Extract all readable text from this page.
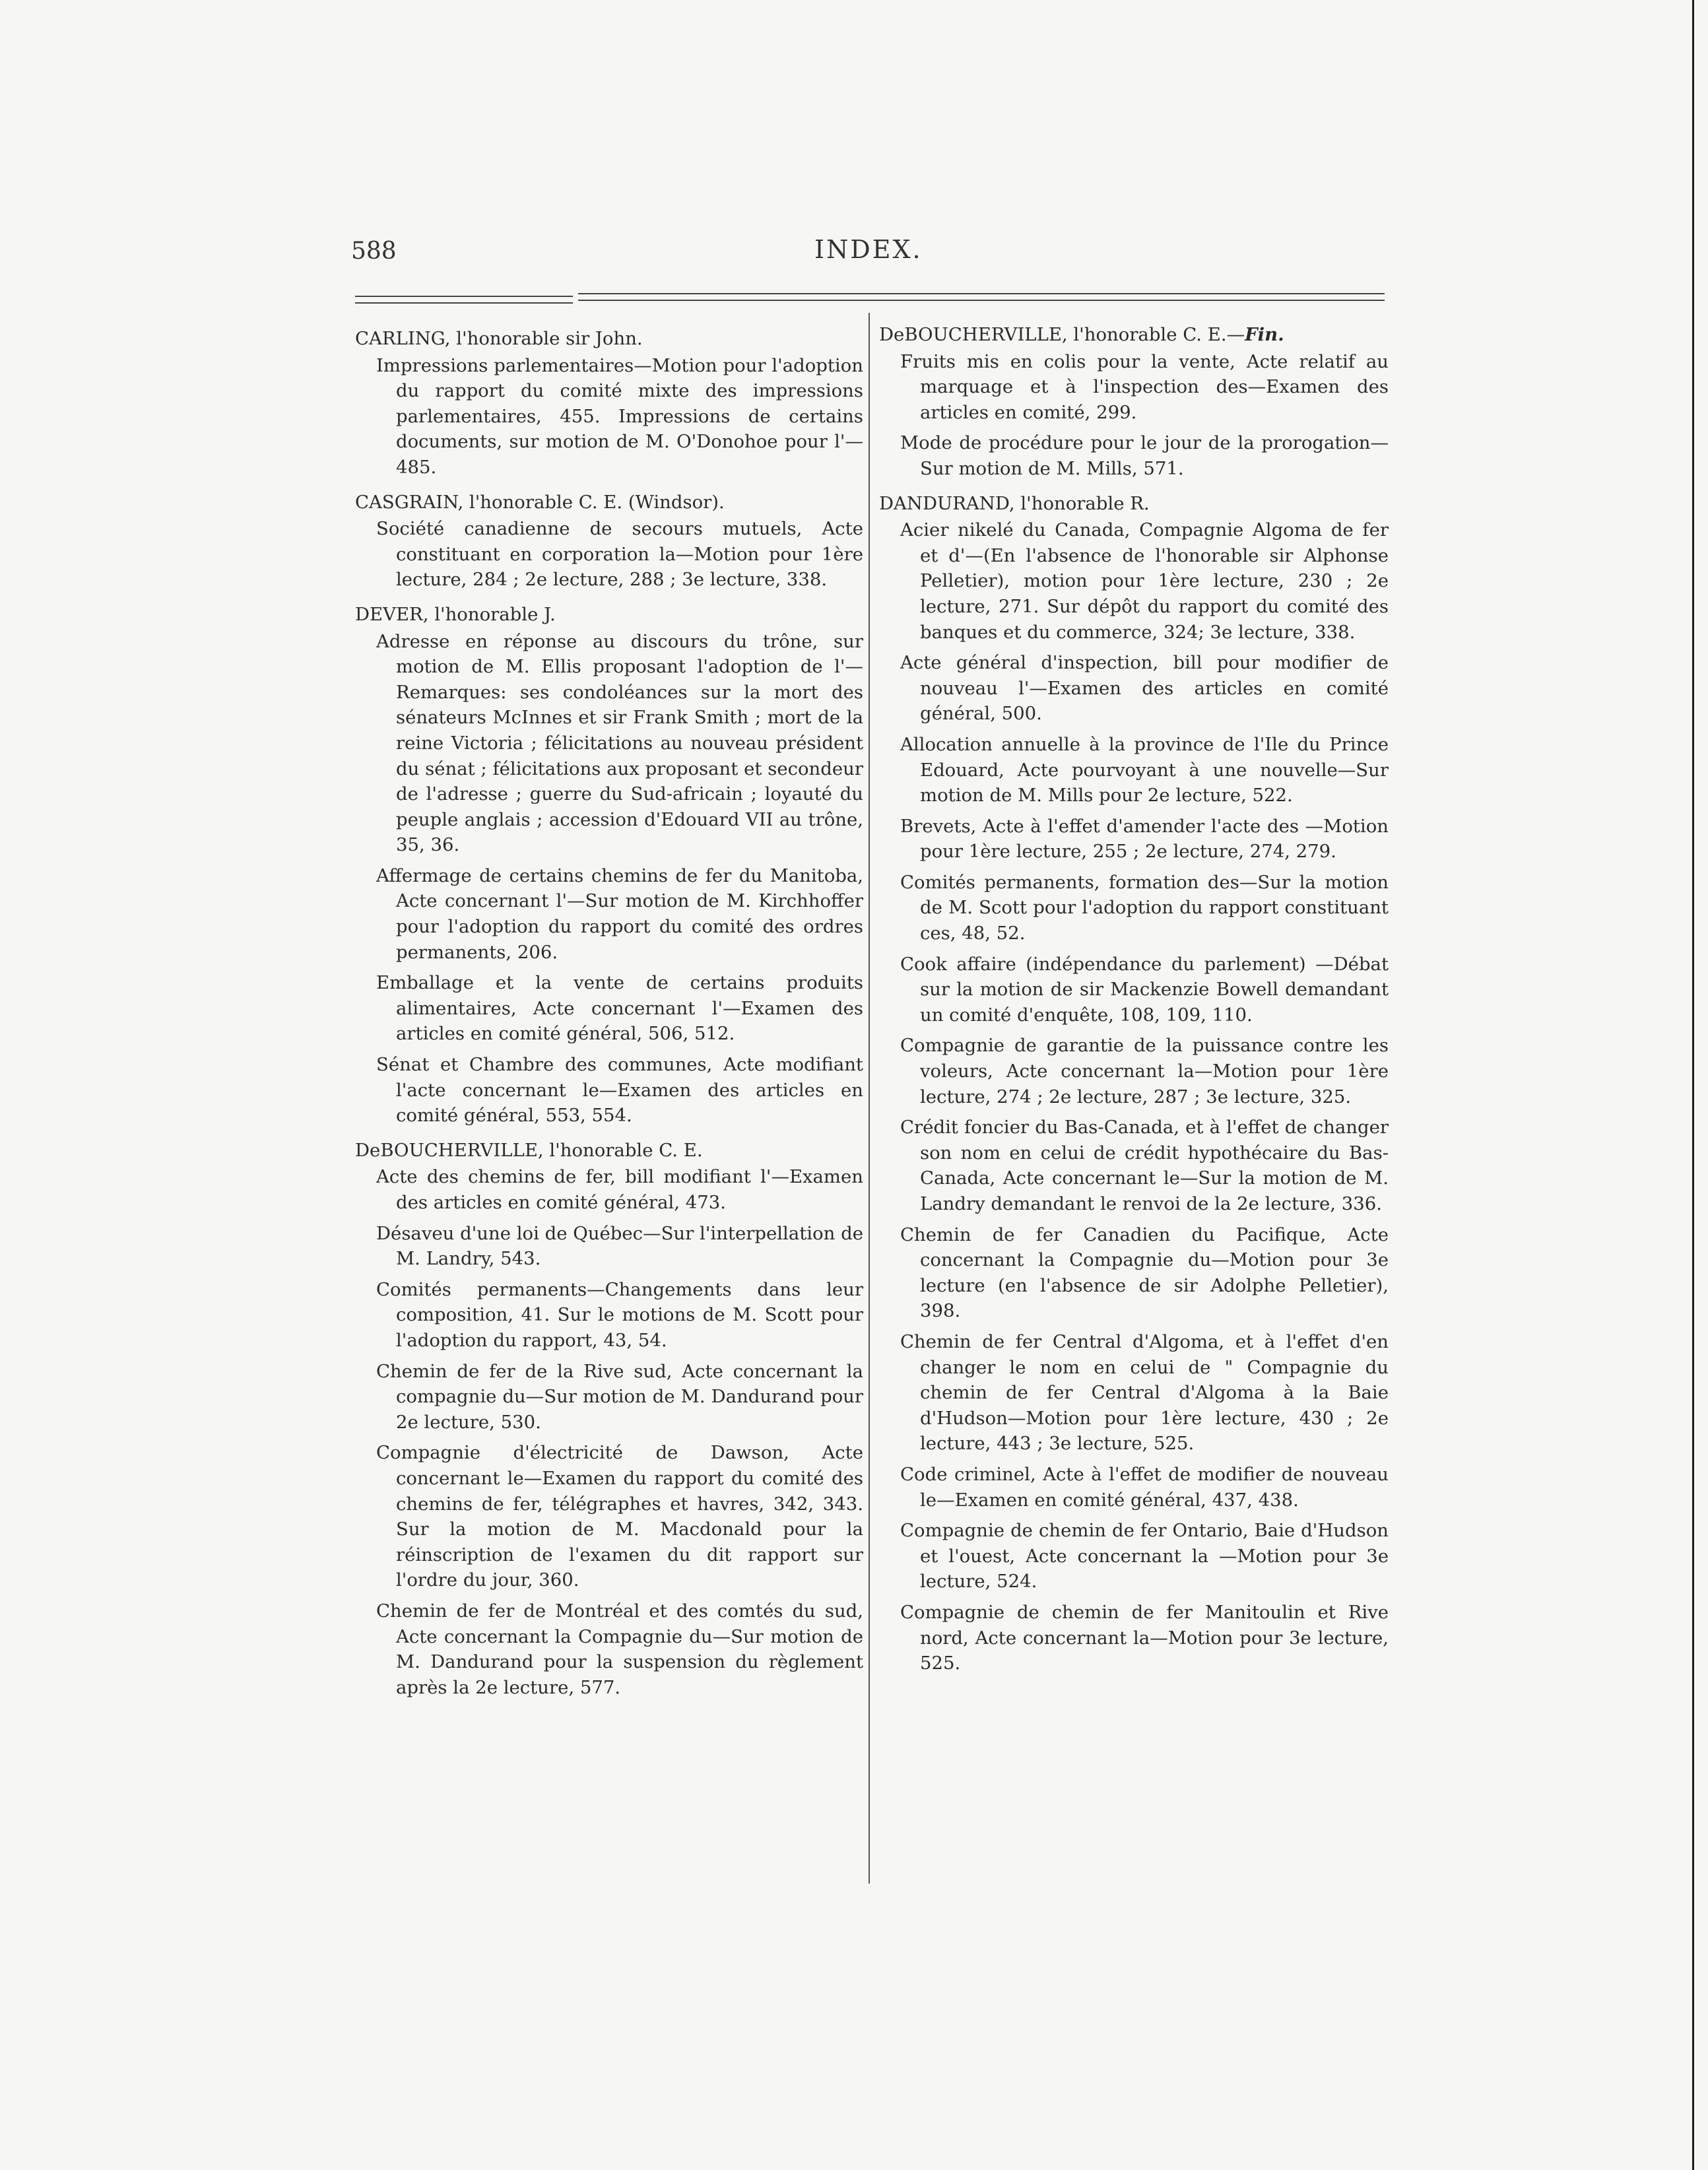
588	INDEX.
CARLING, l'honorable sir John.
Impressions parlementaires—Motion pour l'adoption du rapport du comité mixte des impressions parlementaires, 455. Impressions de certains documents, sur motion de M. O'Donohoe pour l'—485.
CASGRAIN, l'honorable C. E. (Windsor).
Société canadienne de secours mutuels, Acte constituant en corporation la—Motion pour 1ère lecture, 284 ; 2e lecture, 288 ; 3e lecture, 338.
DEVER, l'honorable J.
Adresse en réponse au discours du trône, sur motion de M. Ellis proposant l'adoption de l'—Remarques: ses condoléances sur la mort des sénateurs McInnes et sir Frank Smith ; mort de la reine Victoria ; félicitations au nouveau président du sénat ; félicitations aux proposant et secondeur de l'adresse ; guerre du Sud-africain ; loyauté du peuple anglais ; accession d'Edouard VII au trône, 35, 36.
Affermage de certains chemins de fer du Manitoba, Acte concernant l'—Sur motion de M. Kirchhoffer pour l'adoption du rapport du comité des ordres permanents, 206.
Emballage et la vente de certains produits alimentaires, Acte concernant l'—Examen des articles en comité général, 506, 512.
Sénat et Chambre des communes, Acte modifiant l'acte concernant le—Examen des articles en comité général, 553, 554.
DeBOUCHERVILLE, l'honorable C. E.
Acte des chemins de fer, bill modifiant l'—Examen des articles en comité général, 473.
Désaveu d'une loi de Québec—Sur l'interpellation de M. Landry, 543.
Comités permanents—Changements dans leur composition, 41. Sur le motions de M. Scott pour l'adoption du rapport, 43, 54.
Chemin de fer de la Rive sud, Acte concernant la compagnie du—Sur motion de M. Dandurand pour 2e lecture, 530.
Compagnie d'électricité de Dawson, Acte concernant le—Examen du rapport du comité des chemins de fer, télégraphes et havres, 342, 343. Sur la motion de M. Macdonald pour la réinscription de l'examen du dit rapport sur l'ordre du jour, 360.
Chemin de fer de Montréal et des comtés du sud, Acte concernant la Compagnie du—Sur motion de M. Dandurand pour la suspension du règlement après la 2e lecture, 577.
DeBOUCHERVILLE, l'honorable C. E.—Fin.
Fruits mis en colis pour la vente, Acte relatif au marquage et à l'inspection des—Examen des articles en comité, 299.
Mode de procédure pour le jour de la prorogation—Sur motion de M. Mills, 571.
DANDURAND, l'honorable R.
Acier nikelé du Canada, Compagnie Algoma de fer et d'—(En l'absence de l'honorable sir Alphonse Pelletier), motion pour 1ère lecture, 230 ; 2e lecture, 271. Sur dépôt du rapport du comité des banques et du commerce, 324; 3e lecture, 338.
Acte général d'inspection, bill pour modifier de nouveau l'—Examen des articles en comité général, 500.
Allocation annuelle à la province de l'Ile du Prince Edouard, Acte pourvoyant à une nouvelle—Sur motion de M. Mills pour 2e lecture, 522.
Brevets, Acte à l'effet d'amender l'acte des —Motion pour 1ère lecture, 255 ; 2e lecture, 274, 279.
Comités permanents, formation des—Sur la motion de M. Scott pour l'adoption du rapport constituant ces, 48, 52.
Cook affaire (indépendance du parlement) —Débat sur la motion de sir Mackenzie Bowell demandant un comité d'enquête, 108, 109, 110.
Compagnie de garantie de la puissance contre les voleurs, Acte concernant la—Motion pour 1ère lecture, 274 ; 2e lecture, 287 ; 3e lecture, 325.
Crédit foncier du Bas-Canada, et à l'effet de changer son nom en celui de crédit hypothécaire du Bas-Canada, Acte concernant le—Sur la motion de M. Landry demandant le renvoi de la 2e lecture, 336.
Chemin de fer Canadien du Pacifique, Acte concernant la Compagnie du—Motion pour 3e lecture (en l'absence de sir Adolphe Pelletier), 398.
Chemin de fer Central d'Algoma, et à l'effet d'en changer le nom en celui de " Compagnie du chemin de fer Central d'Algoma à la Baie d'Hudson—Motion pour 1ère lecture, 430 ; 2e lecture, 443 ; 3e lecture, 525.
Code criminel, Acte à l'effet de modifier de nouveau le—Examen en comité général, 437, 438.
Compagnie de chemin de fer Ontario, Baie d'Hudson et l'ouest, Acte concernant la —Motion pour 3e lecture, 524.
Compagnie de chemin de fer Manitoulin et Rive nord, Acte concernant la—Motion pour 3e lecture, 525.
